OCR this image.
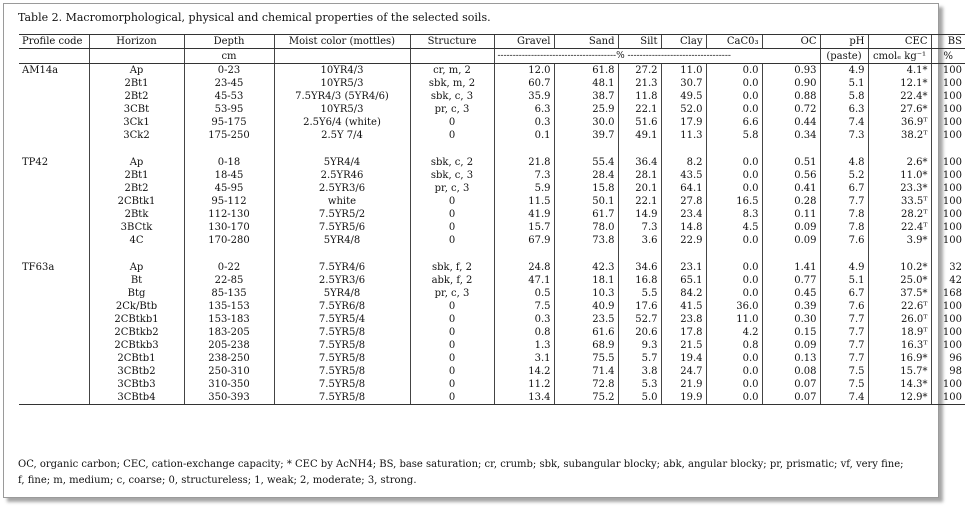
Table 2. Macromorphological, physical and chemical properties of the selected soils.
Profile code	Horizon	Depth	Moist color (mottles)	Structure	Gravel	Sand	Silt	Clay	CaC0₃	OC	pH	CEC	BS
		cm			---------------------------------------% ----------------------------------						(paste)	cmolₑ kg⁻¹	%
AM14a	Ap	0-23	10YR4/3	cr, m, 2	12.0	61.8	27.2	11.0	0.0	0.93	4.9	4.1*	100
	2Bt1	23-45	10YR5/3	sbk, m, 2	60.7	48.1	21.3	30.7	0.0	0.90	5.1	12.1*	100
	2Bt2	45-53	7.5YR4/3 (5YR4/6)	sbk, c, 3	35.9	38.7	11.8	49.5	0.0	0.88	5.8	22.4*	100
	3CBt	53-95	10YR5/3	pr, c, 3	6.3	25.9	22.1	52.0	0.0	0.72	6.3	27.6*	100
	3Ck1	95-175	2.5Y6/4 (white)	0	0.3	30.0	51.6	17.9	6.6	0.44	7.4	36.9ᵀ	100
	3Ck2	175-250	2.5Y 7/4	0	0.1	39.7	49.1	11.3	5.8	0.34	7.3	38.2ᵀ	100

TP42	Ap	0-18	5YR4/4	sbk, c, 2	21.8	55.4	36.4	8.2	0.0	0.51	4.8	2.6*	100
	2Bt1	18-45	2.5YR46	sbk, c, 3	7.3	28.4	28.1	43.5	0.0	0.56	5.2	11.0*	100
	2Bt2	45-95	2.5YR3/6	pr, c, 3	5.9	15.8	20.1	64.1	0.0	0.41	6.7	23.3*	100
	2CBtk1	95-112	white	0	11.5	50.1	22.1	27.8	16.5	0.28	7.7	33.5ᵀ	100
	2Btk	112-130	7.5YR5/2	0	41.9	61.7	14.9	23.4	8.3	0.11	7.8	28.2ᵀ	100
	3BCtk	130-170	7.5YR5/6	0	15.7	78.0	7.3	14.8	4.5	0.09	7.8	22.4ᵀ	100
	4C	170-280	5YR4/8	0	67.9	73.8	3.6	22.9	0.0	0.09	7.6	3.9*	100

TF63a	Ap	0-22	7.5YR4/6	sbk, f, 2	24.8	42.3	34.6	23.1	0.0	1.41	4.9	10.2*	32
	Bt	22-85	2.5YR3/6	abk, f, 2	47.1	18.1	16.8	65.1	0.0	0.77	5.1	25.0*	42
	Btg	85-135	5YR4/8	pr, c, 3	0.5	10.3	5.5	84.2	0.0	0.45	6.7	37.5*	168
	2Ck/Btb	135-153	7.5YR6/8	0	7.5	40.9	17.6	41.5	36.0	0.39	7.6	22.6ᵀ	100
	2CBtkb1	153-183	7.5YR5/4	0	0.3	23.5	52.7	23.8	11.0	0.30	7.7	26.0ᵀ	100
	2CBtkb2	183-205	7.5YR5/8	0	0.8	61.6	20.6	17.8	4.2	0.15	7.7	18.9ᵀ	100
	2CBtkb3	205-238	7.5YR5/8	0	1.3	68.9	9.3	21.5	0.8	0.09	7.7	16.3ᵀ	100
	2CBtb1	238-250	7.5YR5/8	0	3.1	75.5	5.7	19.4	0.0	0.13	7.7	16.9*	96
	3CBtb2	250-310	7.5YR5/8	0	14.2	71.4	3.8	24.7	0.0	0.08	7.5	15.7*	98
	3CBtb3	310-350	7.5YR5/8	0	11.2	72.8	5.3	21.9	0.0	0.07	7.5	14.3*	100
	3CBtb4	350-393	7.5YR5/8	0	13.4	75.2	5.0	19.9	0.0	0.07	7.4	12.9*	100

OC, organic carbon; CEC, cation-exchange capacity; * CEC by AcNH4; BS, base saturation; cr, crumb; sbk, subangular blocky; abk, angular blocky; pr, prismatic; vf, very fine;

f, fine; m, medium; c, coarse; 0, structureless; 1, weak; 2, moderate; 3, strong.
